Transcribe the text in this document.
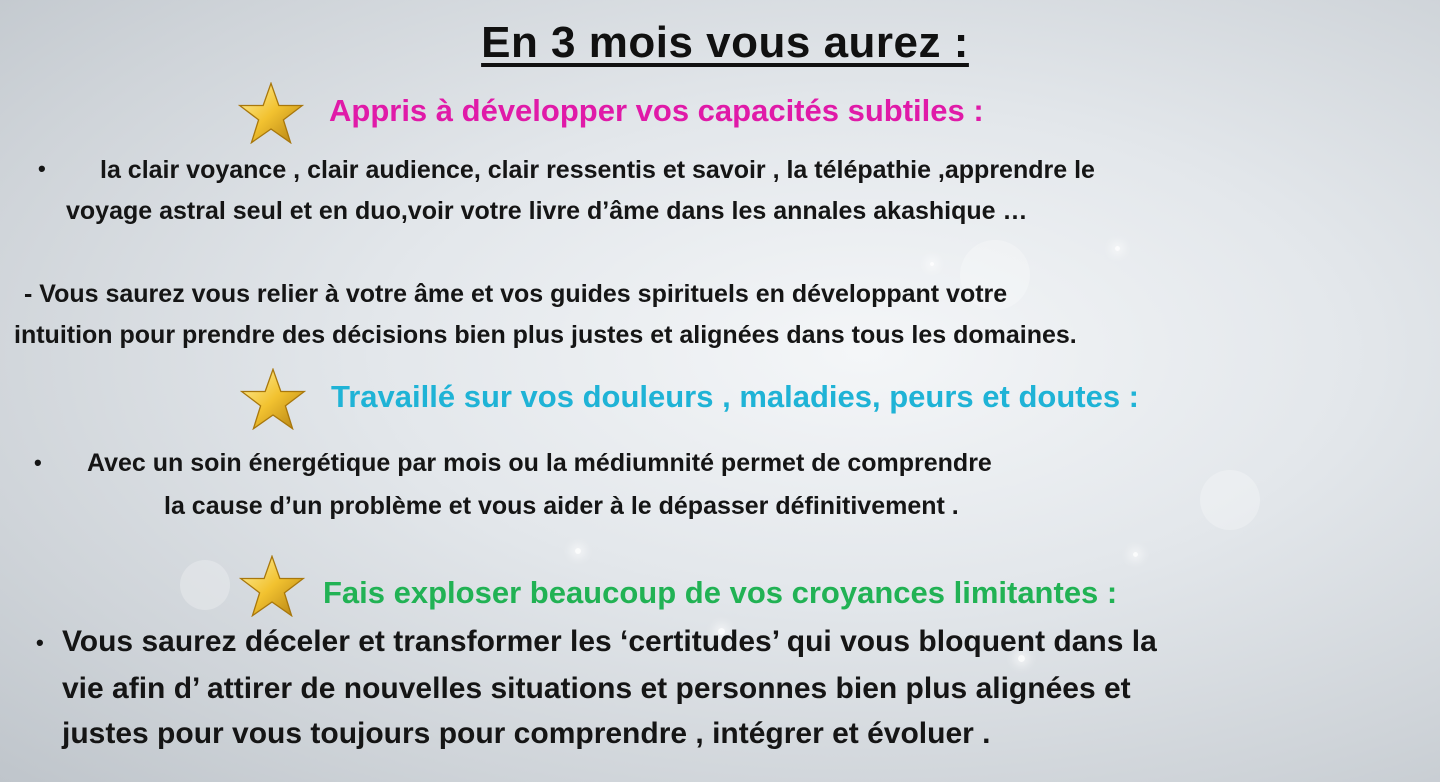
En 3 mois vous aurez :
Appris à développer vos capacités subtiles :
• la clair voyance , clair audience, clair ressentis et savoir , la télépathie ,apprendre le
voyage astral seul et en duo,voir votre livre d’âme dans les annales akashique …
- Vous saurez vous relier à votre âme et vos guides spirituels en développant votre
intuition pour prendre des décisions bien plus justes et alignées dans tous les domaines.
Travaillé sur vos douleurs , maladies, peurs et doutes :
• Avec un soin énergétique par mois ou la médiumnité permet de comprendre
la cause d’un problème et vous aider à le dépasser définitivement .
Fais exploser beaucoup de vos croyances limitantes :
• Vous saurez déceler et transformer les ‘certitudes’ qui vous bloquent dans la
vie afin d’ attirer de nouvelles situations et personnes bien plus alignées et
justes pour vous toujours pour comprendre , intégrer et évoluer .
